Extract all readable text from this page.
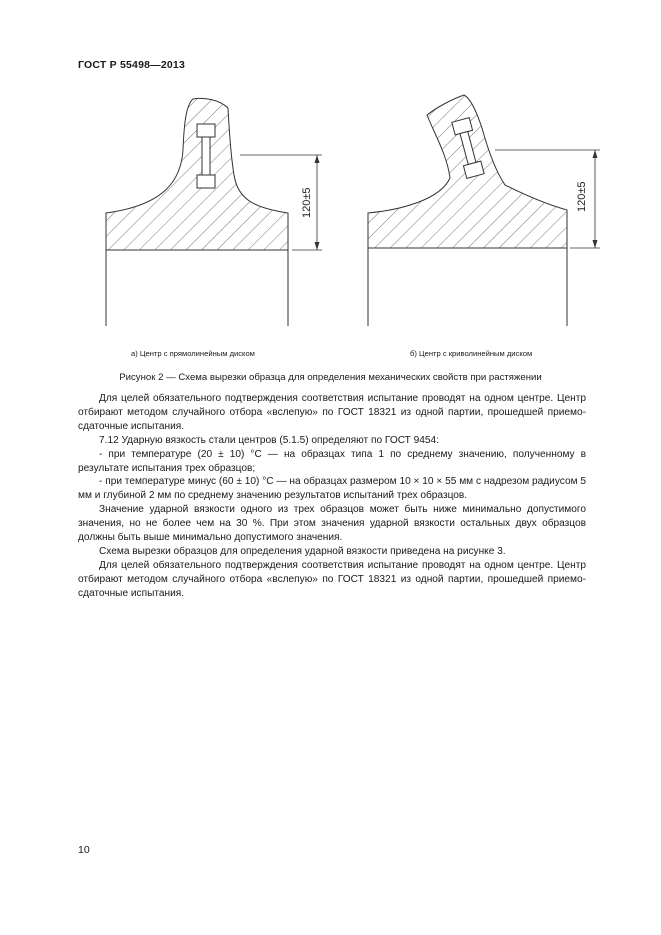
ГОСТ Р 55498—2013
120±5	120±5
а) Центр с прямолинейным диском	б) Центр с криволинейным диском
Рисунок 2 — Схема вырезки образца для определения механических свойств при растяжении

Для целей обязательного подтверждения соответствия испытание проводят на одном центре. Центр отбирают методом случайного отбора «вслепую» по ГОСТ 18321 из одной партии, прошедшей приемо-сдаточные испытания.

7.12 Ударную вязкость стали центров (5.1.5) определяют по ГОСТ 9454:

- при температуре (20 ± 10) °С — на образцах типа 1 по среднему значению, полученному в результате испытания трех образцов;

- при температуре минус (60 ± 10) °С — на образцах размером 10 × 10 × 55 мм с надрезом радиусом 5 мм и глубиной 2 мм по среднему значению результатов испытаний трех образцов.

Значение ударной вязкости одного из трех образцов может быть ниже минимально допустимого значения, но не более чем на 30 %. При этом значения ударной вязкости остальных двух образцов должны быть выше минимально допустимого значения.

Схема вырезки образцов для определения ударной вязкости приведена на рисунке 3.

Для целей обязательного подтверждения соответствия испытание проводят на одном центре. Центр отбирают методом случайного отбора «вслепую» по ГОСТ 18321 из одной партии, прошедшей приемо-сдаточные испытания.

10
